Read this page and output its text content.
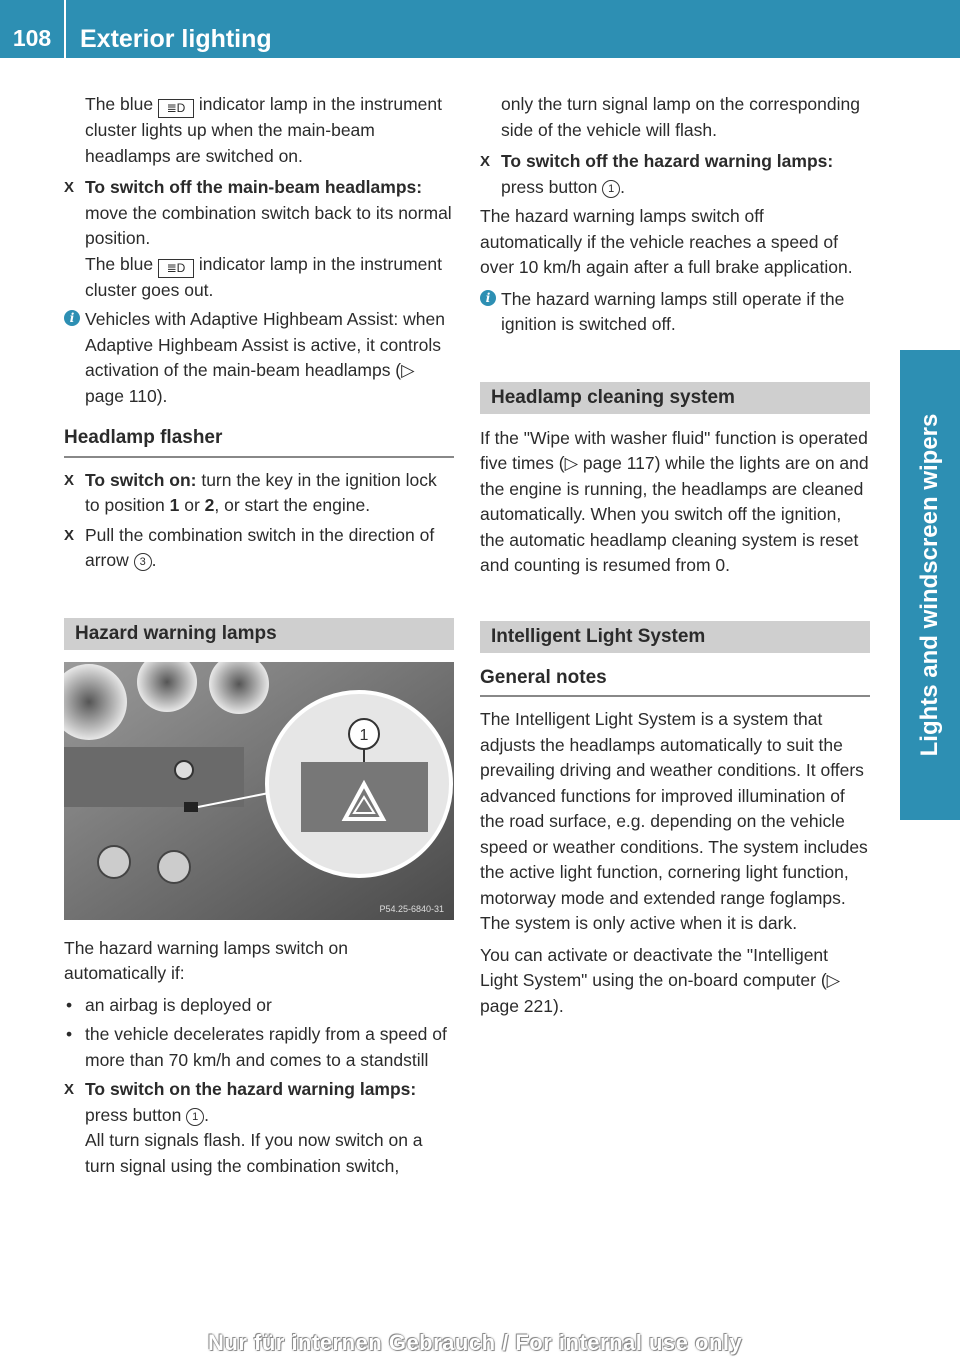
108	Exterior lighting
Lights and windscreen wipers

The blue ≣D indicator lamp in the instrument cluster lights up when the main-beam headlamps are switched on.

X To switch off the main-beam headlamps: move the combination switch back to its normal position.
The blue ≣D indicator lamp in the instrument cluster goes out.
i Vehicles with Adaptive Highbeam Assist: when Adaptive Highbeam Assist is active, it controls activation of the main-beam headlamps (▷ page 110).
Headlamp flasher
X To switch on: turn the key in the ignition lock to position 1 or 2, or start the engine.
X Pull the combination switch in the direction of arrow 3 .
Hazard warning lamps
1
P54.25-6840-31

The hazard warning lamps switch on automatically if:

• an airbag is deployed or
• the vehicle decelerates rapidly from a speed of more than 70 km/h and comes to a standstill
X To switch on the hazard warning lamps:
press button 1 .
All turn signals flash. If you now switch on a turn signal using the combination switch,

only the turn signal lamp on the corresponding side of the vehicle will flash.

X To switch off the hazard warning lamps: press button 1 .

The hazard warning lamps switch off automatically if the vehicle reaches a speed of over 10 km/h again after a full brake application.

i The hazard warning lamps still operate if the ignition is switched off.
Headlamp cleaning system

If the "Wipe with washer fluid" function is operated five times (▷ page 117) while the lights are on and the engine is running, the headlamps are cleaned automatically. When you switch off the ignition, the automatic headlamp cleaning system is reset and counting is resumed from 0.

Intelligent Light System
General notes

The Intelligent Light System is a system that adjusts the headlamps automatically to suit the prevailing driving and weather conditions. It offers advanced functions for improved illumination of the road surface, e.g. depending on the vehicle speed or weather conditions. The system includes the active light function, cornering light function, motorway mode and extended range foglamps. The system is only active when it is dark.

You can activate or deactivate the "Intelligent Light System" using the on-board computer (▷ page 221).

Nur für internen Gebrauch / For internal use only
